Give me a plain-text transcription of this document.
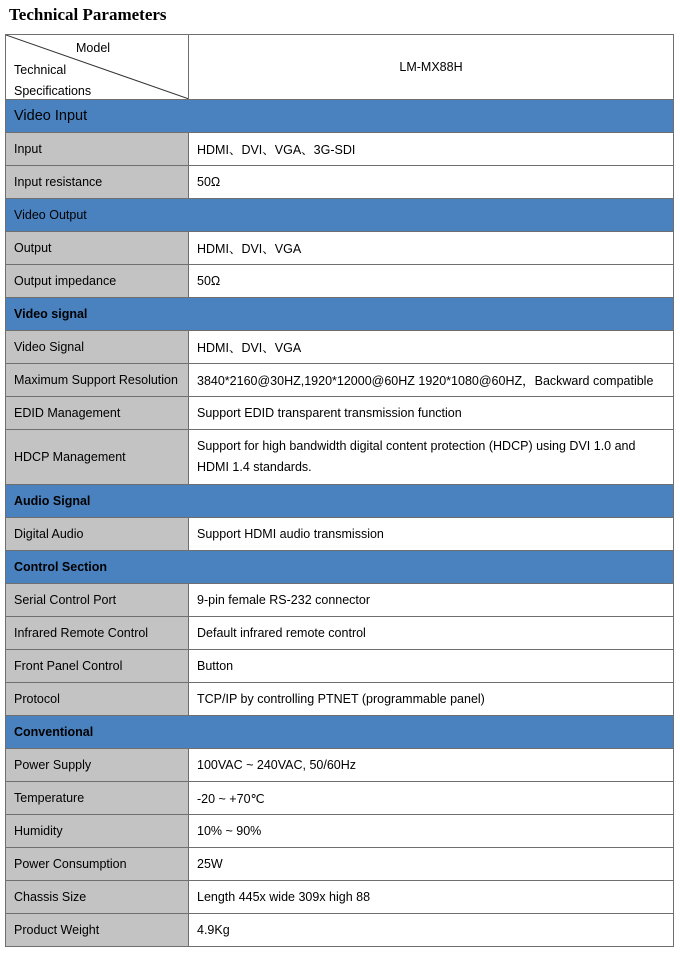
Technical Parameters
Model
Technical
Specifications	LM-MX88H
Video Input	
Input	HDMI、DVI、VGA、3G-SDI
Input resistance	50Ω
Video Output	
Output	HDMI、DVI、VGA
Output impedance	50Ω
Video signal	
Video Signal	HDMI、DVI、VGA
Maximum Support Resolution	3840*2160@30HZ,1920*12000@60HZ 1920*1080@60HZ，Backward compatible
EDID Management	Support EDID transparent transmission function
HDCP Management	Support for high bandwidth digital content protection (HDCP) using DVI 1.0 and HDMI 1.4 standards.
Audio Signal	
Digital Audio	Support HDMI audio transmission
Control Section	
Serial Control Port	9-pin female RS-232 connector
Infrared Remote Control	Default infrared remote control
Front Panel Control	Button
Protocol	TCP/IP by controlling PTNET (programmable panel)
Conventional	
Power Supply	100VAC ~ 240VAC, 50/60Hz
Temperature	-20 ~ +70℃
Humidity	10% ~ 90%
Power Consumption	25W
Chassis Size	Length 445x wide 309x high 88
Product Weight	4.9Kg
